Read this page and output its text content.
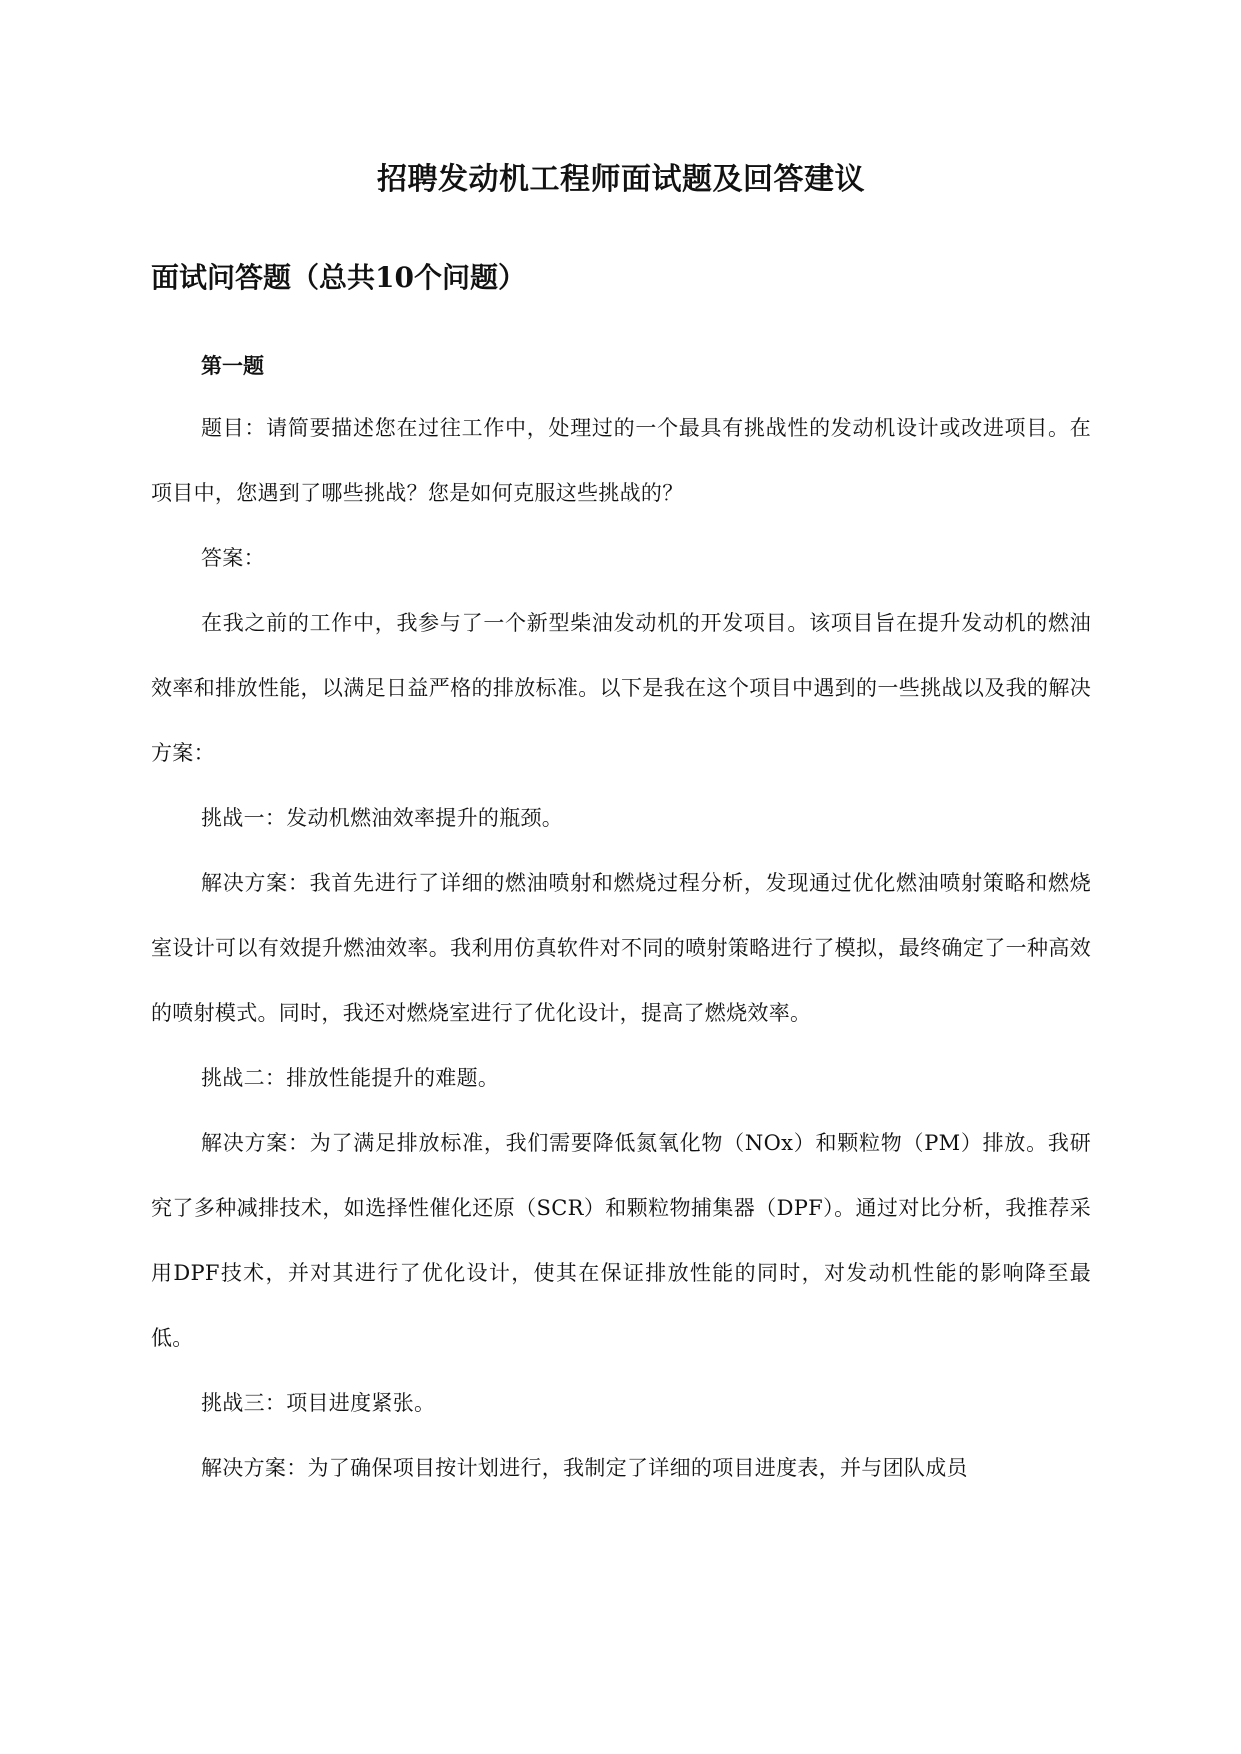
招聘发动机工程师面试题及回答建议
面试问答题（总共10个问题）
第一题

题目：请简要描述您在过往工作中，处理过的一个最具有挑战性的发动机设计或改进项目。在项目中，您遇到了哪些挑战？您是如何克服这些挑战的？

答案：

在我之前的工作中，我参与了一个新型柴油发动机的开发项目。该项目旨在提升发动机的燃油效率和排放性能，以满足日益严格的排放标准。以下是我在这个项目中遇到的一些挑战以及我的解决方案：

挑战一：发动机燃油效率提升的瓶颈。

解决方案：我首先进行了详细的燃油喷射和燃烧过程分析，发现通过优化燃油喷射策略和燃烧室设计可以有效提升燃油效率。我利用仿真软件对不同的喷射策略进行了模拟，最终确定了一种高效的喷射模式。同时，我还对燃烧室进行了优化设计，提高了燃烧效率。

挑战二：排放性能提升的难题。

解决方案：为了满足排放标准，我们需要降低氮氧化物（NOx）和颗粒物（PM）排放。我研究了多种减排技术，如选择性催化还原（SCR）和颗粒物捕集器（DPF）。通过对比分析，我推荐采用DPF技术，并对其进行了优化设计，使其在保证排放性能的同时，对发动机性能的影响降至最低。

挑战三：项目进度紧张。

解决方案：为了确保项目按计划进行，我制定了详细的项目进度表，并与团队成员
